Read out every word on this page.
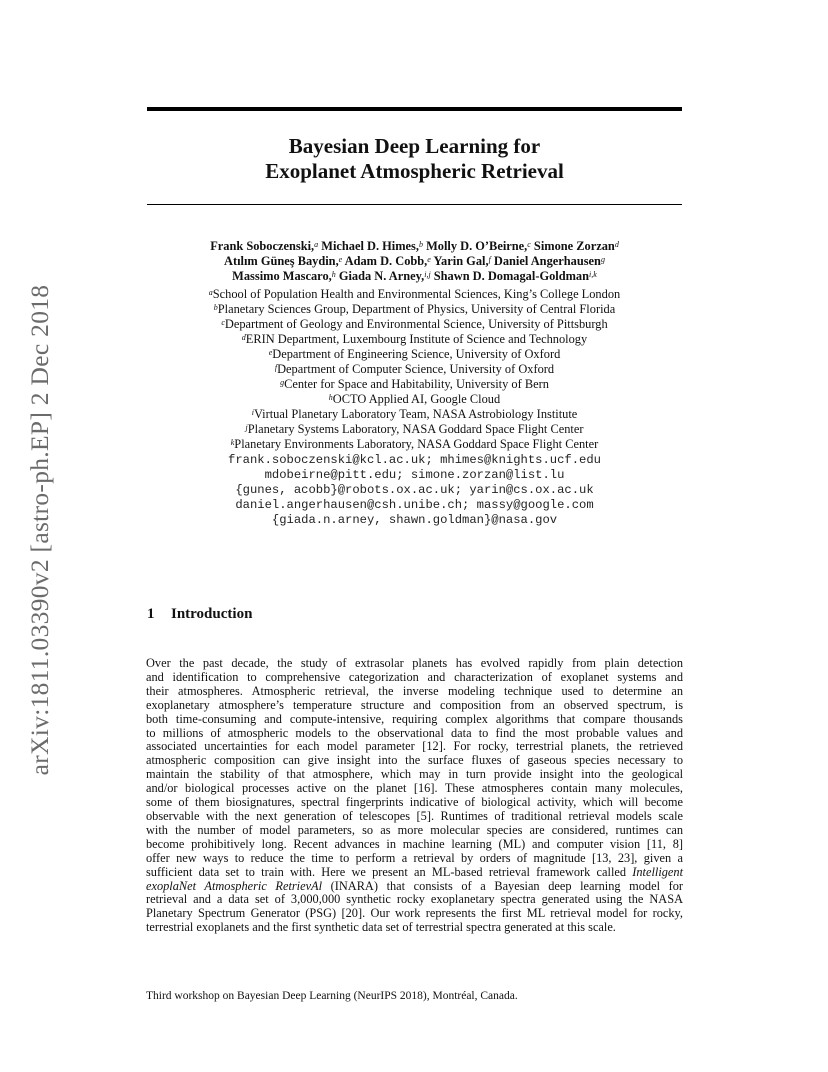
arXiv:1811.03390v2 [astro-ph.EP] 2 Dec 2018
Bayesian Deep Learning for
Exoplanet Atmospheric Retrieval
Frank Soboczenski,$^a$ Michael D. Himes,$^b$ Molly D. O’Beirne,$^c$ Simone Zorzan$^d$
Atılım Güneş Baydin,$^e$ Adam D. Cobb,$^e$ Yarin Gal,$^f$ Daniel Angerhausen$^g$
Massimo Mascaro,$^h$ Giada N. Arney,$^{i,j}$ Shawn D. Domagal-Goldman$^{i,k}$
$^a$School of Population Health and Environmental Sciences, King’s College London
$^b$Planetary Sciences Group, Department of Physics, University of Central Florida
$^c$Department of Geology and Environmental Science, University of Pittsburgh
$^d$ERIN Department, Luxembourg Institute of Science and Technology
$^e$Department of Engineering Science, University of Oxford
$^f$Department of Computer Science, University of Oxford
$^g$Center for Space and Habitability, University of Bern
$^h$OCTO Applied AI, Google Cloud
$^i$Virtual Planetary Laboratory Team, NASA Astrobiology Institute
$^j$Planetary Systems Laboratory, NASA Goddard Space Flight Center
$^k$Planetary Environments Laboratory, NASA Goddard Space Flight Center
frank.soboczenski@kcl.ac.uk; mhimes@knights.ucf.edu
mdobeirne@pitt.edu; simone.zorzan@list.lu
{gunes, acobb}@robots.ox.ac.uk; yarin@cs.ox.ac.uk
daniel.angerhausen@csh.unibe.ch; massy@google.com
{giada.n.arney, shawn.goldman}@nasa.gov
1 Introduction
Over the past decade, the study of extrasolar planets has evolved rapidly from plain detection
and identification to comprehensive categorization and characterization of exoplanet systems and
their atmospheres. Atmospheric retrieval, the inverse modeling technique used to determine an
exoplanetary atmosphere’s temperature structure and composition from an observed spectrum, is
both time-consuming and compute-intensive, requiring complex algorithms that compare thousands
to millions of atmospheric models to the observational data to find the most probable values and
associated uncertainties for each model parameter [12]. For rocky, terrestrial planets, the retrieved
atmospheric composition can give insight into the surface fluxes of gaseous species necessary to
maintain the stability of that atmosphere, which may in turn provide insight into the geological
and/or biological processes active on the planet [16]. These atmospheres contain many molecules,
some of them biosignatures, spectral fingerprints indicative of biological activity, which will become
observable with the next generation of telescopes [5]. Runtimes of traditional retrieval models scale
with the number of model parameters, so as more molecular species are considered, runtimes can
become prohibitively long. Recent advances in machine learning (ML) and computer vision [11, 8]
offer new ways to reduce the time to perform a retrieval by orders of magnitude [13, 23], given a
sufficient data set to train with. Here we present an ML-based retrieval framework called Intelligent
exoplaNet Atmospheric RetrievAl (INARA) that consists of a Bayesian deep learning model for
retrieval and a data set of 3,000,000 synthetic rocky exoplanetary spectra generated using the NASA
Planetary Spectrum Generator (PSG) [20]. Our work represents the first ML retrieval model for rocky,
terrestrial exoplanets and the first synthetic data set of terrestrial spectra generated at this scale.
Third workshop on Bayesian Deep Learning (NeurIPS 2018), Montréal, Canada.
